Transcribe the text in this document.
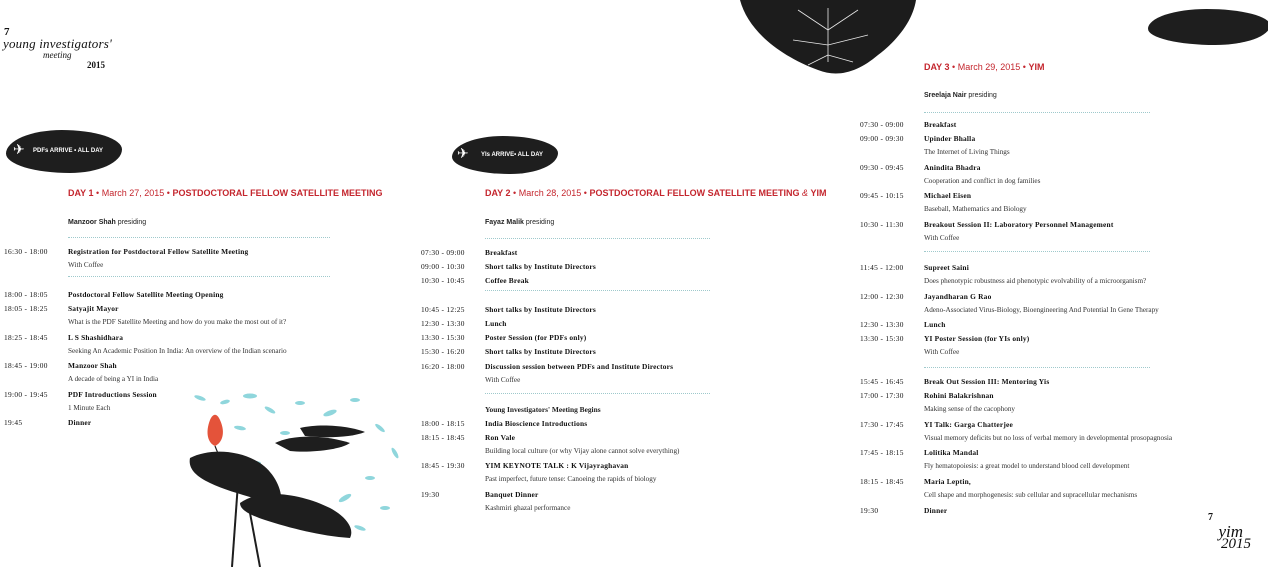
7
young investigators'
meeting
2015
✈ PDFs ARRIVE • ALL DAY	✈ YIs ARRIVE• ALL DAY
DAY 1 • March 27, 2015 • POSTDOCTORAL FELLOW SATELLITE MEETING
Manzoor Shah presiding
16:30 - 18:00	Registration for Postdoctoral Fellow Satellite Meeting
With Coffee
18:00 - 18:05	Postdoctoral Fellow Satellite Meeting Opening
18:05 - 18:25	Satyajit Mayor
What is the PDF Satellite Meeting and how do you make the most out of it?
18:25 - 18:45	L S Shashidhara
Seeking An Academic Position In India: An overview of the Indian scenario
18:45 - 19:00	Manzoor Shah
A decade of being a YI in India
19:00 - 19:45	PDF Introductions Session
1 Minute Each
19:45	Dinner
DAY 2 • March 28, 2015 • POSTDOCTORAL FELLOW SATELLITE MEETING & YIM
Fayaz Malik presiding
07:30 - 09:00	Breakfast
09:00 - 10:30	Short talks by Institute Directors
10:30 - 10:45	Coffee Break
10:45 - 12:25	Short talks by Institute Directors
12:30 - 13:30	Lunch
13:30 - 15:30	Poster Session (for PDFs only)
15:30 - 16:20	Short talks by Institute Directors
16:20 - 18:00	Discussion session between PDFs and Institute Directors
With Coffee
Young Investigators' Meeting Begins
18:00 - 18:15	India Bioscience Introductions
18:15 - 18:45	Ron Vale
Building local culture (or why Vijay alone cannot solve everything)
18:45 - 19:30	YIM KEYNOTE TALK : K Vijayraghavan
Past imperfect, future tense: Canoeing the rapids of biology
19:30	Banquet Dinner
Kashmiri ghazal performance
DAY 3 • March 29, 2015 • YIM
Sreelaja Nair presiding
07:30 - 09:00	Breakfast
09:00 - 09:30	Upinder Bhalla
The Internet of Living Things
09:30 - 09:45	Anindita Bhadra
Cooperation and conflict in dog families
09:45 - 10:15	Michael Eisen
Baseball, Mathematics and Biology
10:30 - 11:30	Breakout Session II: Laboratory Personnel Management
With Coffee
11:45 - 12:00	Supreet Saini
Does phenotypic robustness aid phenotypic evolvability of a microorganism?
12:00 - 12:30	Jayandharan G Rao
Adeno-Associated Virus-Biology, Bioengineering And Potential In Gene Therapy
12:30 - 13:30	Lunch
13:30 - 15:30	YI Poster Session (for YIs only)
With Coffee
15:45 - 16:45	Break Out Session III: Mentoring Yis
17:00 - 17:30	Rohini Balakrishnan
Making sense of the cacophony
17:30 - 17:45	YI Talk: Garga Chatterjee
Visual memory deficits but no loss of verbal memory in developmental prosopagnosia
17:45 - 18:15	Lolitika Mandal
Fly hematopoiesis: a great model to understand blood cell development
18:15 - 18:45	Maria Leptin,
Cell shape and morphogenesis: sub cellular and supracellular mechanisms
19:30	Dinner
7
yim
2015
